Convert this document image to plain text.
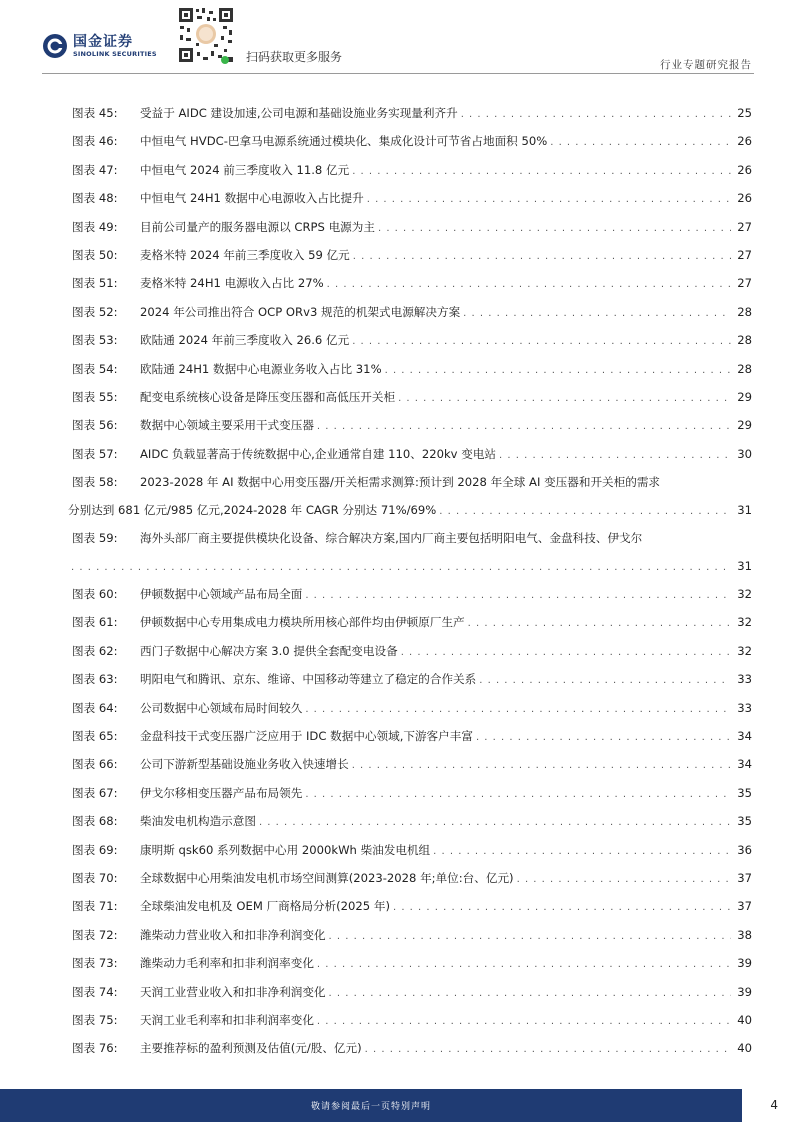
国金证券
SINOLINK SECURITIES	扫码获取更多服务
行业专题研究报告
图表 45:	受益于 AIDC 建设加速,公司电源和基础设施业务实现量利齐升 . . .	25
图表 46:	中恒电气 HVDC-巴拿马电源系统通过模块化、集成化设计可节省占地面积 50% . . .	26
图表 47:	中恒电气 2024 前三季度收入 11.8 亿元 . . .	26
图表 48:	中恒电气 24H1 数据中心电源收入占比提升 . . .	26
图表 49:	目前公司量产的服务器电源以 CRPS 电源为主 . . .	27
图表 50:	麦格米特 2024 年前三季度收入 59 亿元 . . .	27
图表 51:	麦格米特 24H1 电源收入占比 27% . . .	27
图表 52:	2024 年公司推出符合 OCP ORv3 规范的机架式电源解决方案 . . .	28
图表 53:	欧陆通 2024 年前三季度收入 26.6 亿元 . . .	28
图表 54:	欧陆通 24H1 数据中心电源业务收入占比 31% . . .	28
图表 55:	配变电系统核心设备是降压变压器和高低压开关柜 . . .	29
图表 56:	数据中心领域主要采用干式变压器 . . .	29
图表 57:	AIDC 负载显著高于传统数据中心,企业通常自建 110、220kv 变电站 . . .	30
图表 58:	2023-2028 年 AI 数据中心用变压器/开关柜需求测算:预计到 2028 年全球 AI 变压器和开关柜的需求
分别达到 681 亿元/985 亿元,2024-2028 年 CAGR 分别达 71%/69% . . .	31
图表 59:	海外头部厂商主要提供模块化设备、综合解决方案,国内厂商主要包括明阳电气、金盘科技、伊戈尔
. . .
31
图表 60:	伊顿数据中心领域产品布局全面 . . .	32
图表 61:	伊顿数据中心专用集成电力模块所用核心部件均由伊顿原厂生产 . . .	32
图表 62:	西门子数据中心解决方案 3.0 提供全套配变电设备 . . .	32
图表 63:	明阳电气和腾讯、京东、维谛、中国移动等建立了稳定的合作关系 . . .	33
图表 64:	公司数据中心领域布局时间较久 . . .	33
图表 65:	金盘科技干式变压器广泛应用于 IDC 数据中心领域,下游客户丰富 . . .	34
图表 66:	公司下游新型基础设施业务收入快速增长 . . .	34
图表 67:	伊戈尔移相变压器产品布局领先 . . .	35
图表 68:	柴油发电机构造示意图 . . .	35
图表 69:	康明斯 qsk60 系列数据中心用 2000kWh 柴油发电机组 . . .	36
图表 70:	全球数据中心用柴油发电机市场空间测算(2023-2028 年;单位:台、亿元) . . .	37
图表 71:	全球柴油发电机及 OEM 厂商格局分析(2025 年) . . .	37
图表 72:	潍柴动力营业收入和扣非净利润变化 . . .	38
图表 73:	潍柴动力毛利率和扣非利润率变化 . . .	39
图表 74:	天润工业营业收入和扣非净利润变化 . . .	39
图表 75:	天润工业毛利率和扣非利润率变化 . . .	40
图表 76:	主要推荐标的盈利预测及估值(元/股、亿元) . . .	40
敬请参阅最后一页特别声明	4
